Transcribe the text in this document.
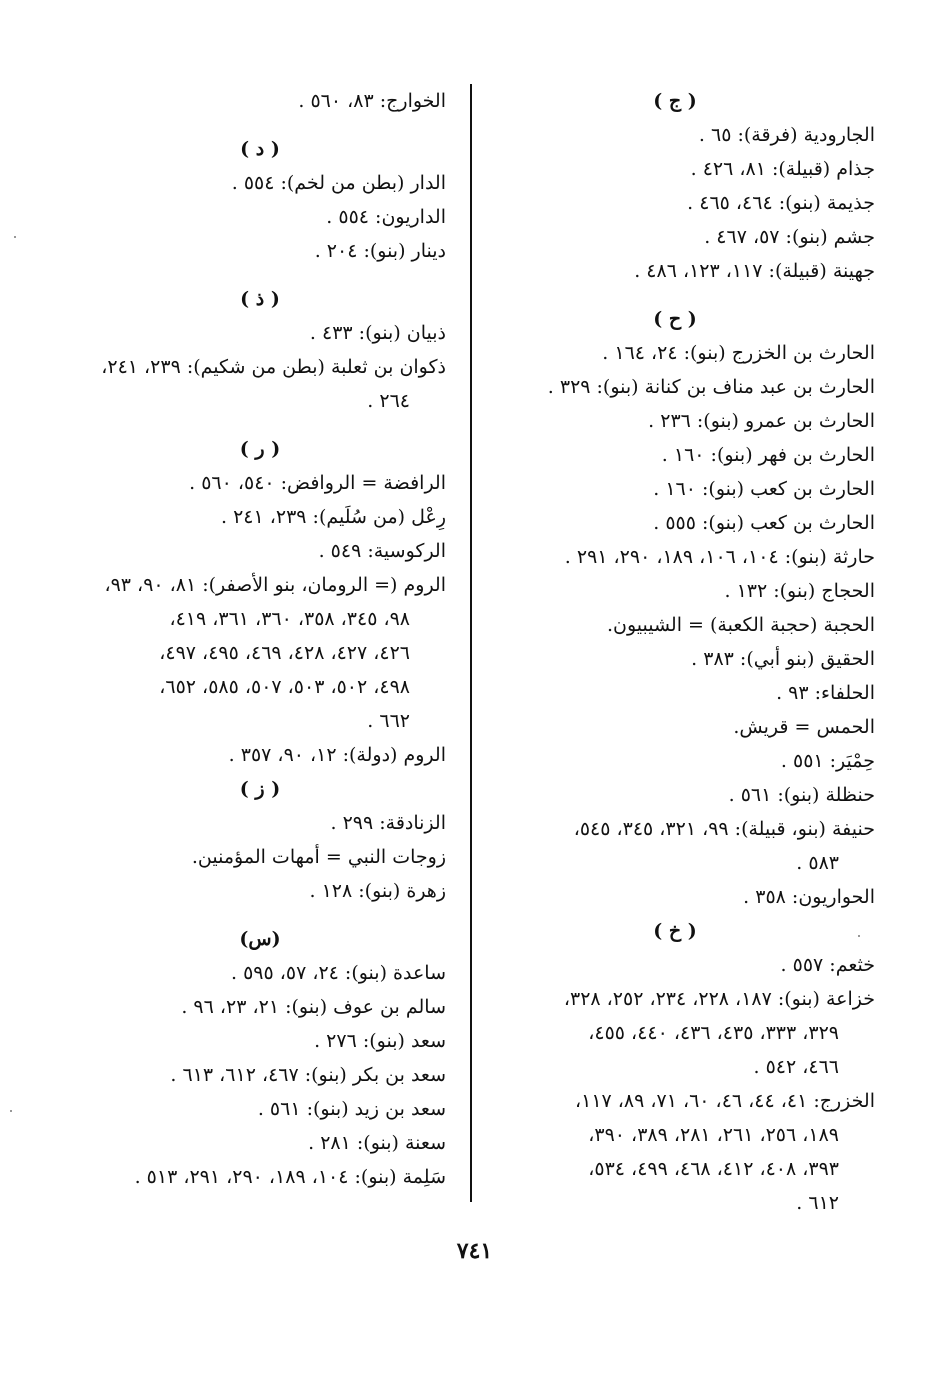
( ج )
الجارودية (فرقة): ٦٥ .
جذام (قبيلة): ٨١، ٤٢٦ .
جذيمة (بنو): ٤٦٤، ٤٦٥ .
جشم (بنو): ٥٧، ٤٦٧ .
جهينة (قبيلة): ١١٧، ١٢٣، ٤٨٦ .
( ح )
الحارث بن الخزرج (بنو): ٢٤، ١٦٤ .
الحارث بن عبد مناف بن كنانة (بنو): ٣٢٩ .
الحارث بن عمرو (بنو): ٢٣٦ .
الحارث بن فهر (بنو): ١٦٠ .
الحارث بن كعب (بنو): ١٦٠ .
الحارث بن كعب (بنو): ٥٥٥ .
حارثة (بنو): ١٠٤، ١٠٦، ١٨٩، ٢٩٠، ٢٩١ .
الحجاج (بنو): ١٣٢ .
الحجبة (حجبة الكعبة) = الشيبيون.
الحقيق (بنو أبي): ٣٨٣ .
الحلفاء: ٩٣ .
الحمس = قريش.
حِمْيَر: ٥٥١ .
حنظلة (بنو): ٥٦١ .
حنيفة (بنو، قبيلة): ٩٩، ٣٢١، ٣٤٥، ٥٤٥،
٥٨٣ .
الحواريون: ٣٥٨ .
( خ )
خثعم: ٥٥٧ .
خزاعة (بنو): ١٨٧، ٢٢٨، ٢٣٤، ٢٥٢، ٣٢٨،
٣٢٩، ٣٣٣، ٤٣٥، ٤٣٦، ٤٤٠، ٤٥٥،
٤٦٦، ٥٤٢ .
الخزرج: ٤١، ٤٤، ٤٦، ٦٠، ٧١، ٨٩، ١١٧،
١٨٩، ٢٥٦، ٢٦١، ٢٨١، ٣٨٩، ٣٩٠،
٣٩٣، ٤٠٨، ٤١٢، ٤٦٨، ٤٩٩، ٥٣٤،
٦١٢ .
الخوارج: ٨٣، ٥٦٠ .
( د )
الدار (بطن من لخم): ٥٥٤ .
الداريون: ٥٥٤ .
دينار (بنو): ٢٠٤ .
( ذ )
ذبيان (بنو): ٤٣٣ .
ذكوان بن ثعلبة (بطن من شكيم): ٢٣٩، ٢٤١،
٢٦٤ .
( ر )
الرافضة = الروافض: ٥٤٠، ٥٦٠ .
رِعْل (من سُلَيم): ٢٣٩، ٢٤١ .
الركوسية: ٥٤٩ .
الروم (= الرومان، بنو الأصفر): ٨١، ٩٠، ٩٣،
٩٨، ٣٤٥، ٣٥٨، ٣٦٠، ٣٦١، ٤١٩،
٤٢٦، ٤٢٧، ٤٢٨، ٤٦٩، ٤٩٥، ٤٩٧،
٤٩٨، ٥٠٢، ٥٠٣، ٥٠٧، ٥٨٥، ٦٥٢،
٦٦٢ .
الروم (دولة): ١٢، ٩٠، ٣٥٧ .
( ز )
الزنادقة: ٢٩٩ .
زوجات النبي = أمهات المؤمنين.
زهرة (بنو): ١٢٨ .
(س)
ساعدة (بنو): ٢٤، ٥٧، ٥٩٥ .
سالم بن عوف (بنو): ٢١، ٢٣، ٩٦ .
سعد (بنو): ٢٧٦ .
سعد بن بكر (بنو): ٤٦٧، ٦١٢، ٦١٣ .
سعد بن زيد (بنو): ٥٦١ .
سعنة (بنو): ٢٨١ .
سَلِمة (بنو): ١٠٤، ١٨٩، ٢٩٠، ٢٩١، ٥١٣ .
٧٤١
